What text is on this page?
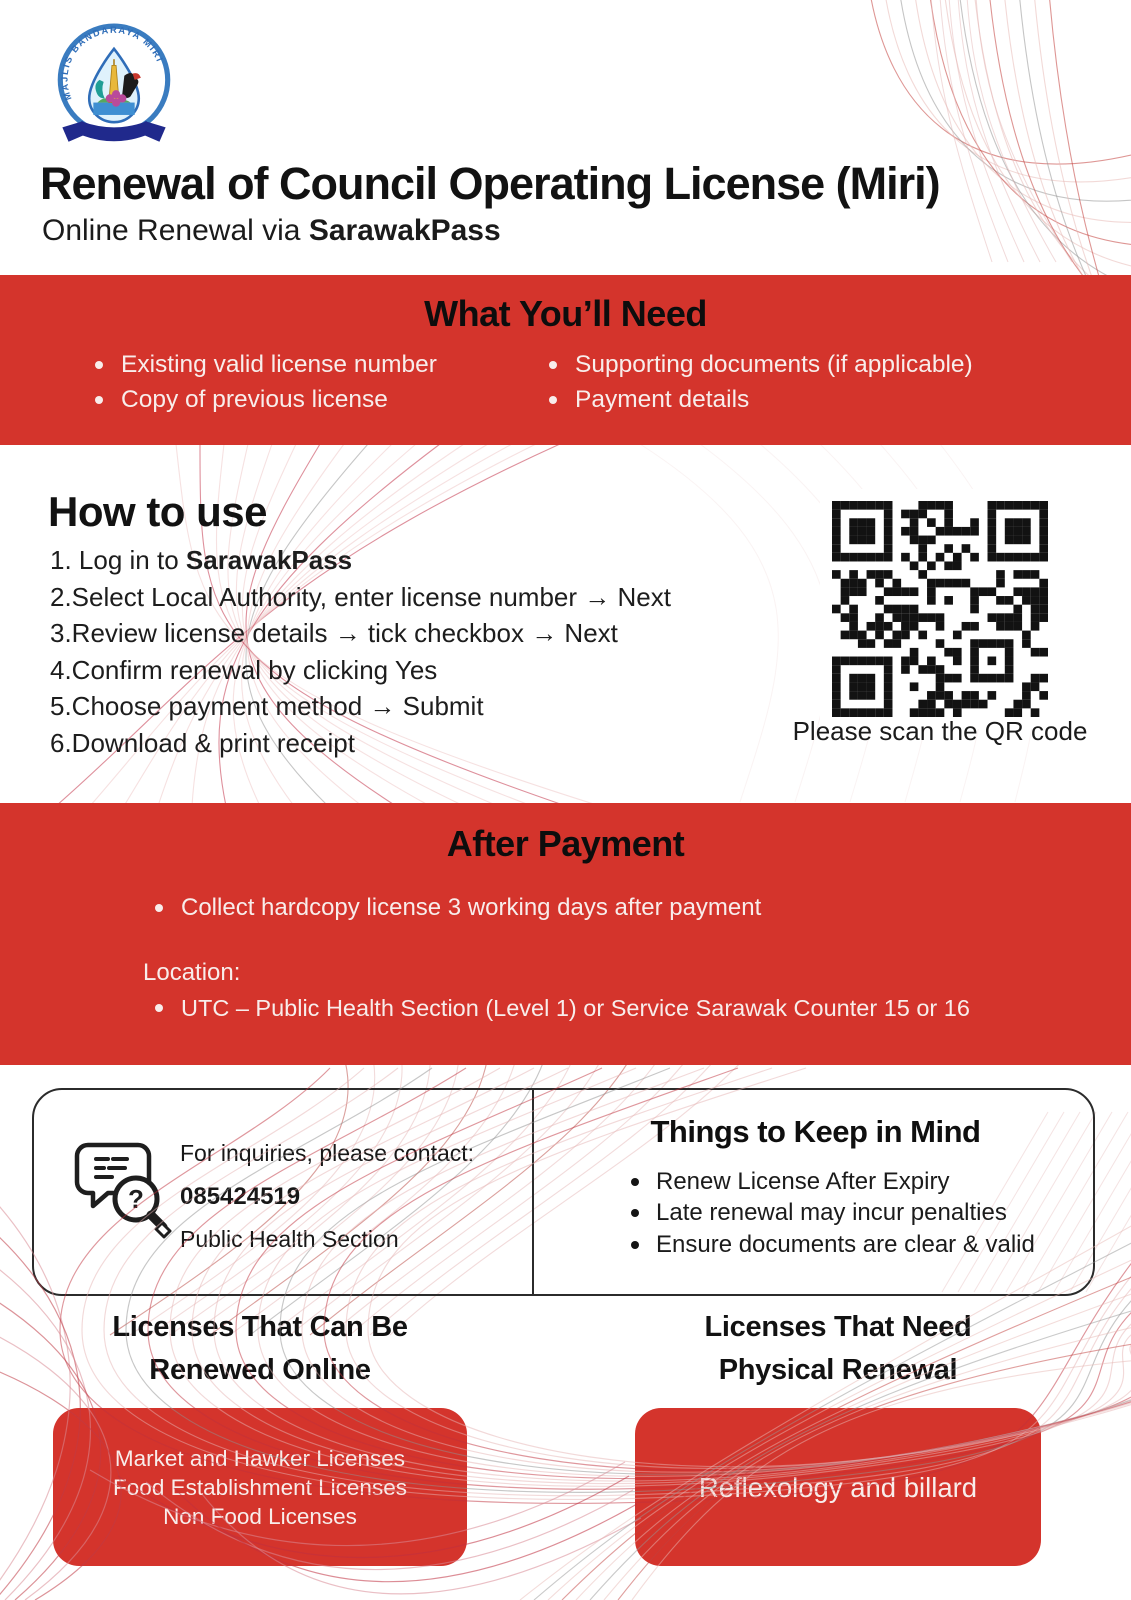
MAJLIS BANDARAYA MIRI
Renewal of Council Operating License (Miri)
Online Renewal via SarawakPass
What You’ll Need
Existing valid license number
Copy of previous license
Supporting documents (if applicable)
Payment details
How to use
1. Log in to SarawakPass
2.Select Local Authority, enter license number → Next
3.Review license details → tick checkbox → Next
4.Confirm renewal by clicking Yes
5.Choose payment method → Submit
6.Download & print receipt	Please scan the QR code
After Payment
Collect hardcopy license 3 working days after payment
Location:
UTC – Public Health Section (Level 1) or Service Sarawak Counter 15 or 16
?
For inquiries, please contact:
085424519
Public Health Section
Things to Keep in Mind
Renew License After Expiry
Late renewal may incur penalties
Ensure documents are clear & valid
Licenses That Can Be
Renewed Online
Licenses That Need
Physical Renewal
Market and Hawker Licenses
Food Establishment Licenses
Non Food Licenses
Reflexology and billard
